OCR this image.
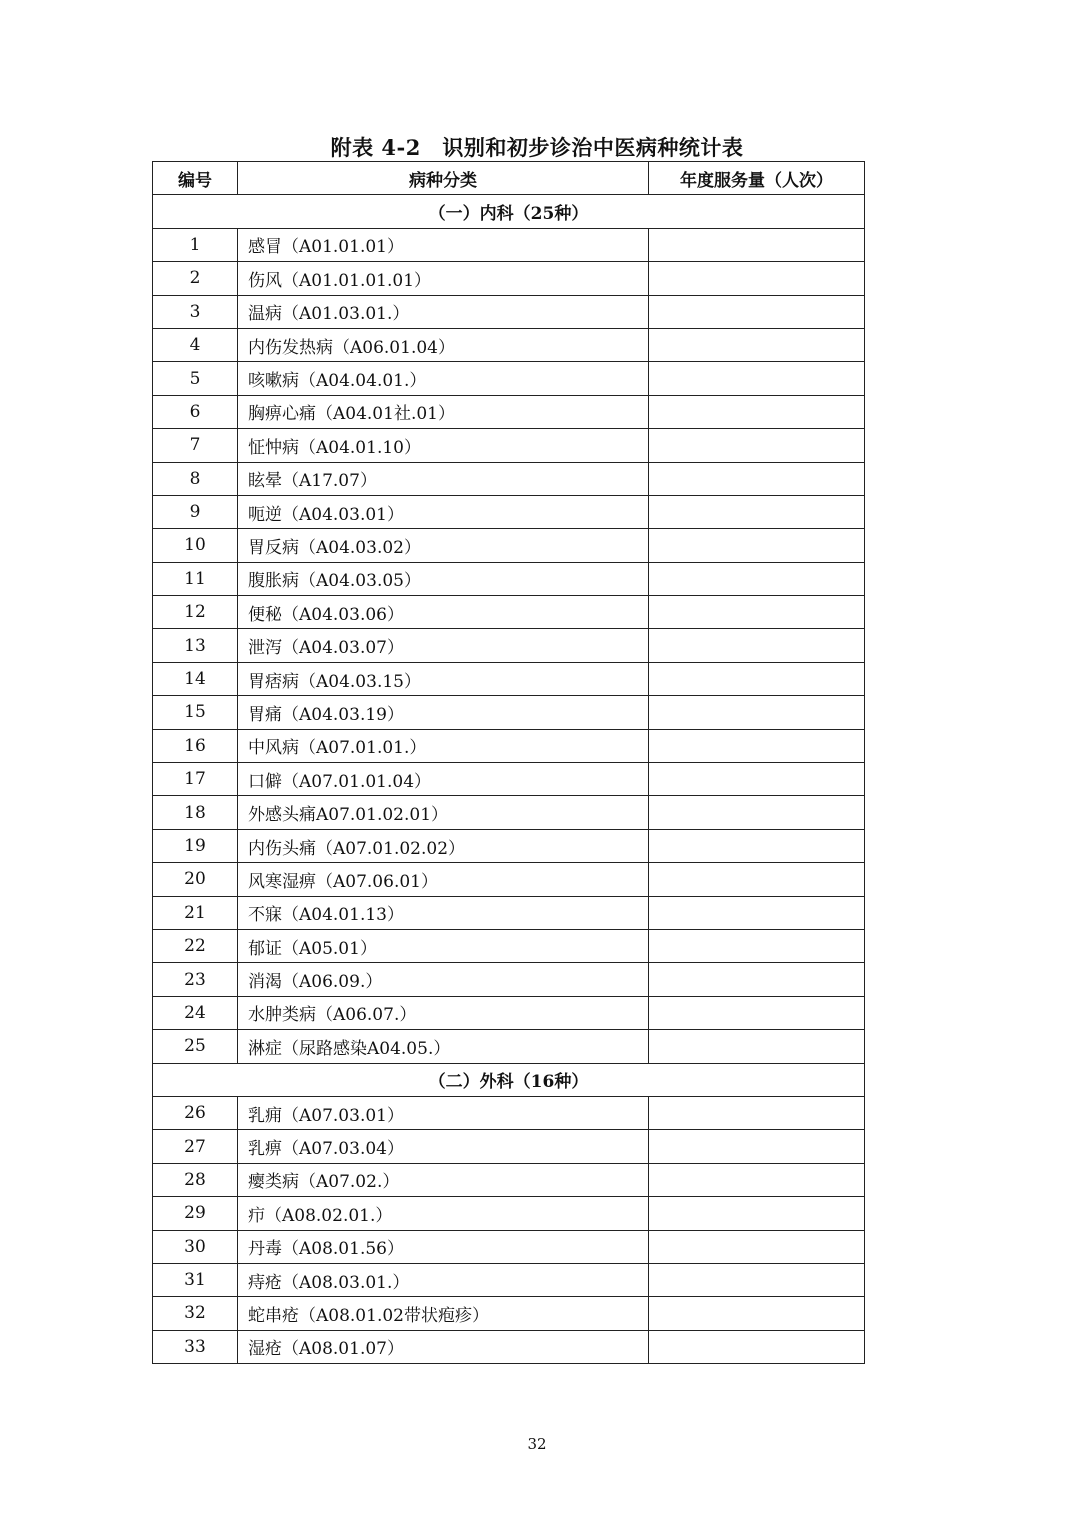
附表 4-2　识别和初步诊治中医病种统计表
编号	病种分类	年度服务量（人次）
（一）内科（25种）		
1	感冒（A01.01.01）	
2	伤风（A01.01.01.01）	
3	温病（A01.03.01.）	
4	内伤发热病（A06.01.04）	
5	咳嗽病（A04.04.01.）	
6	胸痹心痛（A04.01社.01）	
7	怔忡病（A04.01.10）	
8	眩晕（A17.07）	
9	呃逆（A04.03.01）	
10	胃反病（A04.03.02）	
11	腹胀病（A04.03.05）	
12	便秘（A04.03.06）	
13	泄泻（A04.03.07）	
14	胃痞病（A04.03.15）	
15	胃痛（A04.03.19）	
16	中风病（A07.01.01.）	
17	口僻（A07.01.01.04）	
18	外感头痛A07.01.02.01）	
19	内伤头痛（A07.01.02.02）	
20	风寒湿痹（A07.06.01）	
21	不寐（A04.01.13）	
22	郁证（A05.01）	
23	消渴（A06.09.）	
24	水肿类病（A06.07.）	
25	淋症（尿路感染A04.05.）	
（二）外科（16种）		
26	乳痈（A07.03.01）	
27	乳痹（A07.03.04）	
28	瘿类病（A07.02.）	
29	疖（A08.02.01.）	
30	丹毒（A08.01.56）	
31	痔疮（A08.03.01.）	
32	蛇串疮（A08.01.02带状疱疹）	
33	湿疮（A08.01.07）	
32
